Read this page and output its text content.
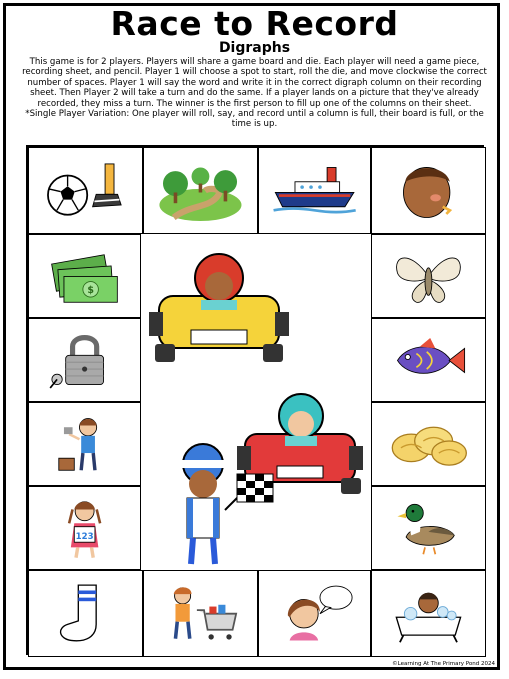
Race to Record
Digraphs
This game is for 2 players. Players will share a game board and die. Each player will need a game piece, recording sheet, and pencil. Player 1 will choose a spot to start, roll the die, and move clockwise the correct number of spaces. Player 1 will say the word and write it in the correct digraph column on their recording sheet. Then Player 2 will take a turn and do the same. If a player lands on a picture that they've already recorded, they miss a turn. The winner is the first person to fill up one of the columns on their sheet. *Single Player Variation: One player will roll, say, and record until a column is full, their board is full, or the time is up.
123
$
©Learning At The Primary Pond 2024
